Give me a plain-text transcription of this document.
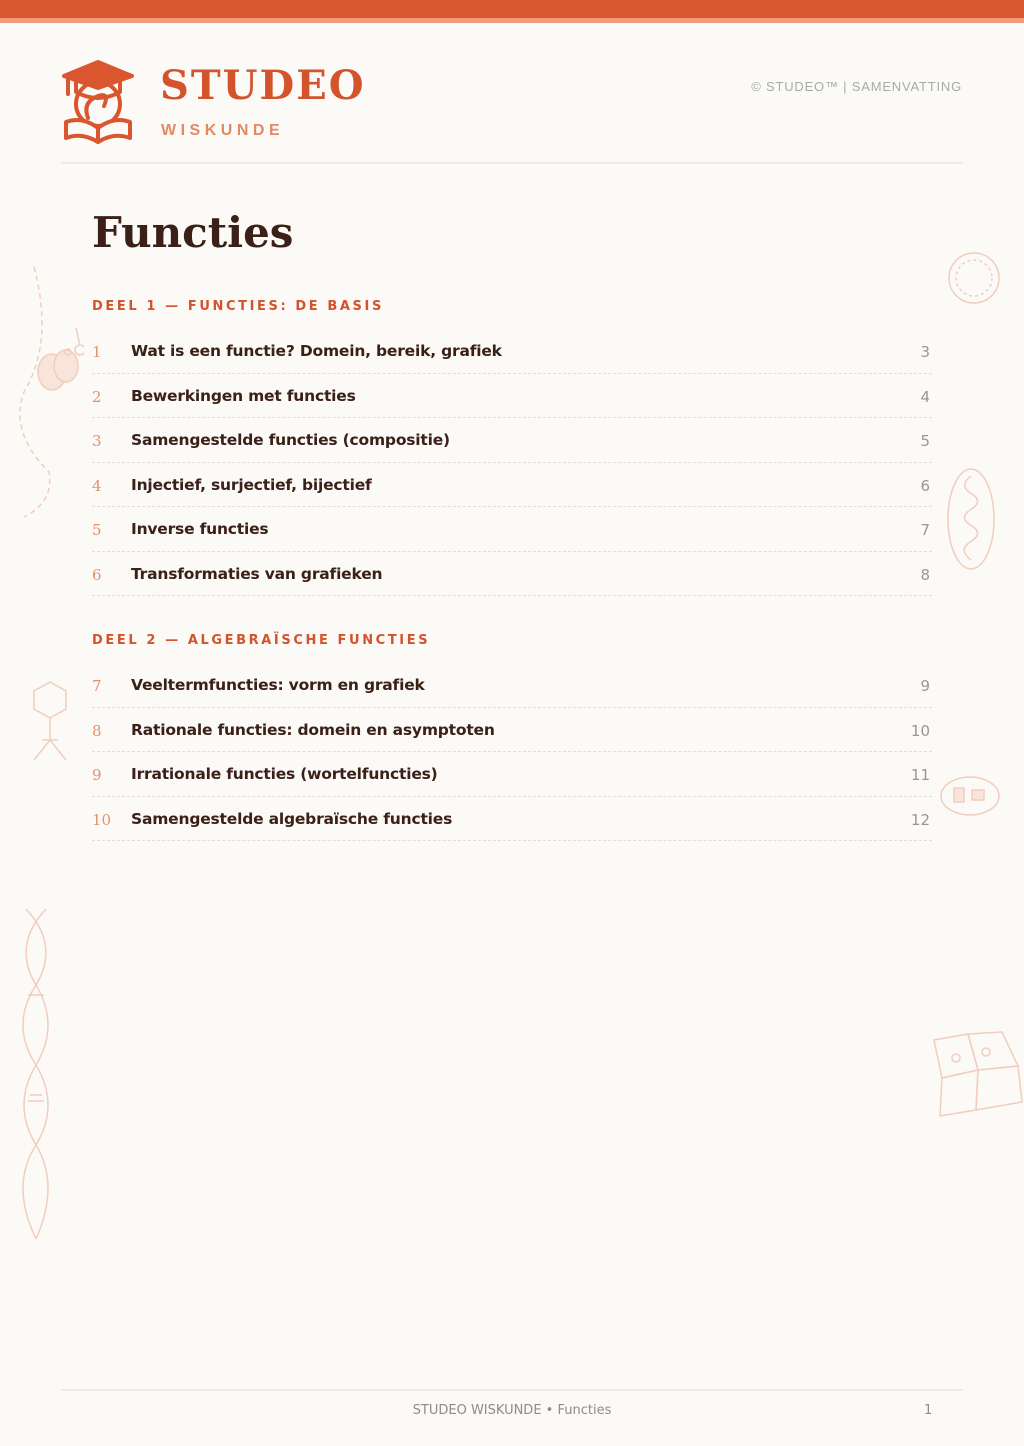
STUDEO
WISKUNDE
© STUDEO™ | SAMENVATTING
Functies
DEEL 1 — FUNCTIES: DE BASIS
1 Wat is een functie? Domein, bereik, grafiek	3
2 Bewerkingen met functies	4
3 Samengestelde functies (compositie)	5
4 Injectief, surjectief, bijectief	6
5 Inverse functies	7
6 Transformaties van grafieken	8
DEEL 2 — ALGEBRAÏSCHE FUNCTIES
7 Veeltermfuncties: vorm en grafiek	9
8 Rationale functies: domein en asymptoten	10
9 Irrationale functies (wortelfuncties)	11
10 Samengestelde algebraïsche functies	12
STUDEO WISKUNDE • Functies	1
